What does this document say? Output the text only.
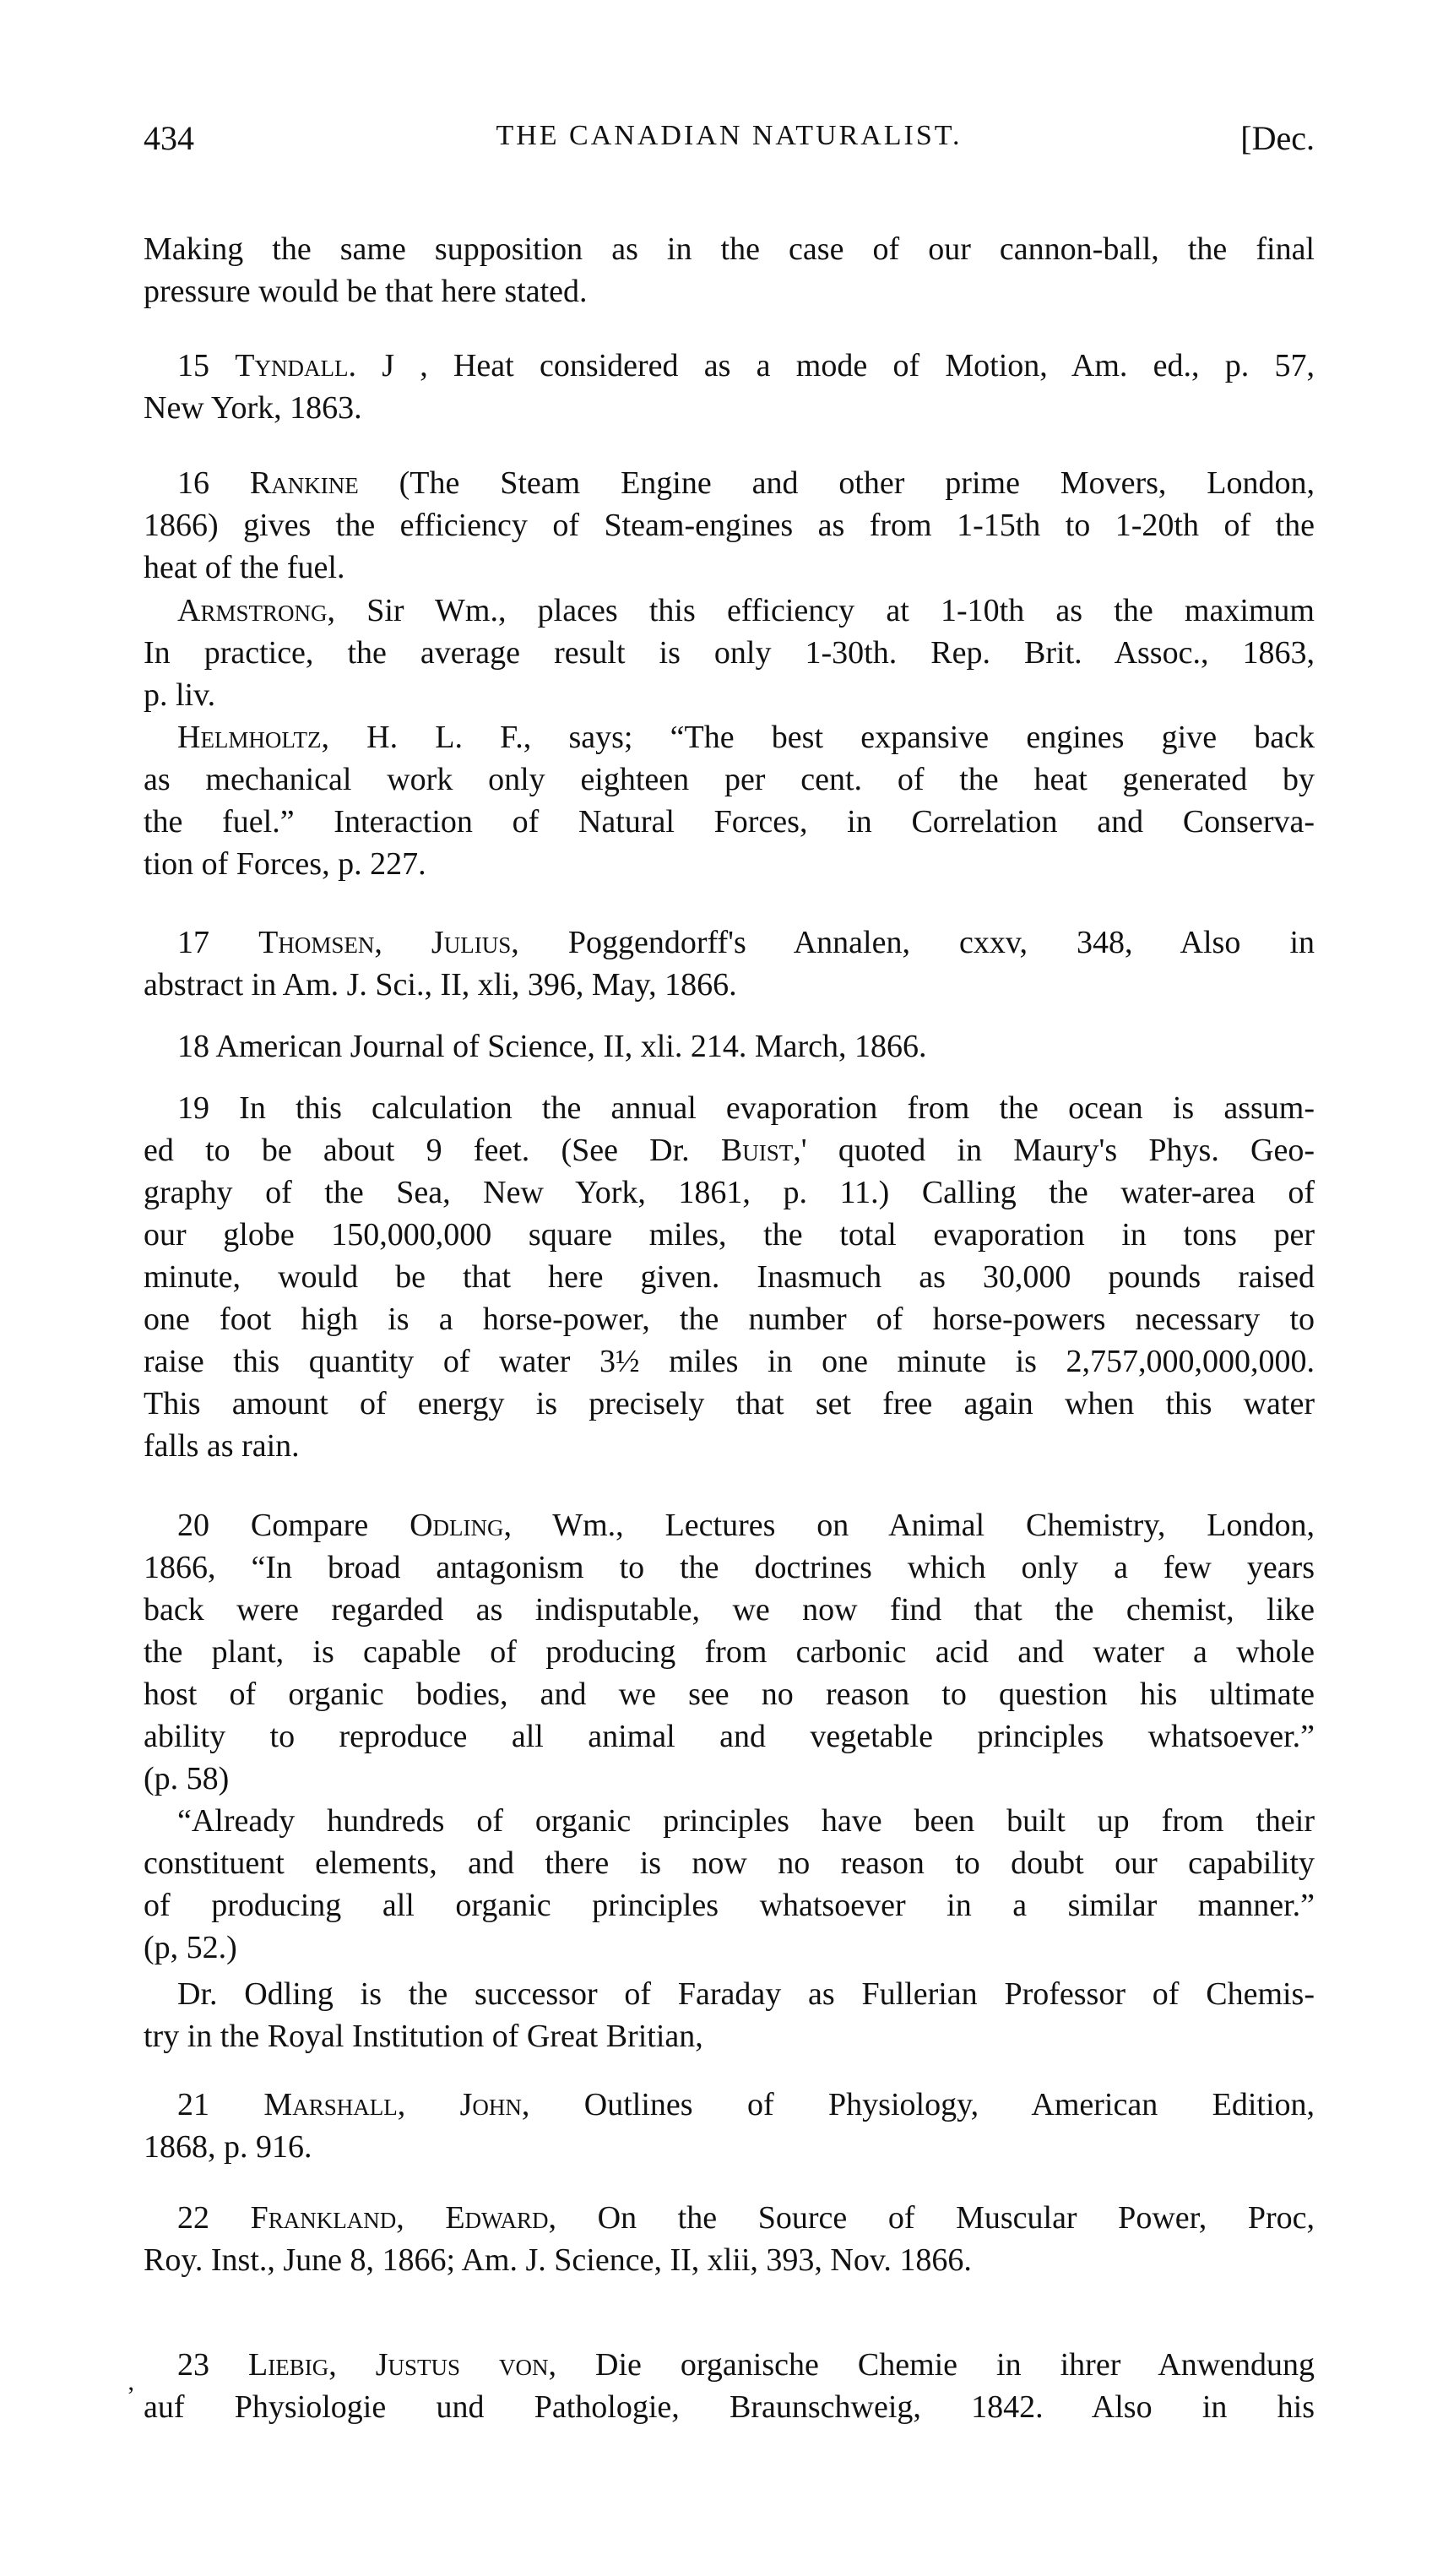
434	THE CANADIAN NATURALIST.	[Dec.
Making the same supposition as in the case of our cannon-ball, the final
pressure would be that here stated.
15 Tyndall. J , Heat considered as a mode of Motion, Am. ed., p. 57,
New York, 1863.
16 Rankine (The Steam Engine and other prime Movers, London,
1866) gives the efficiency of Steam-engines as from 1-15th to 1-20th of the
heat of the fuel.
Armstrong, Sir Wm., places this efficiency at 1-10th as the maximum
In practice, the average result is only 1-30th. Rep. Brit. Assoc., 1863,
p. liv.
Helmholtz, H. L. F., says; “The best expansive engines give back
as mechanical work only eighteen per cent. of the heat generated by
the fuel.” Interaction of Natural Forces, in Correlation and Conserva-
tion of Forces, p. 227.
17 Thomsen, Julius, Poggendorff's Annalen, cxxv, 348, Also in
abstract in Am. J. Sci., II, xli, 396, May, 1866.
18 American Journal of Science, II, xli. 214. March, 1866.
19 In this calculation the annual evaporation from the ocean is assum-
ed to be about 9 feet. (See Dr. Buist,' quoted in Maury's Phys. Geo-
graphy of the Sea, New York, 1861, p. 11.) Calling the water-area of
our globe 150,000,000 square miles, the total evaporation in tons per
minute, would be that here given. Inasmuch as 30,000 pounds raised
one foot high is a horse-power, the number of horse-powers necessary to
raise this quantity of water 3½ miles in one minute is 2,757,000,000,000.
This amount of energy is precisely that set free again when this water
falls as rain.
20 Compare Odling, Wm., Lectures on Animal Chemistry, London,
1866, “In broad antagonism to the doctrines which only a few years
back were regarded as indisputable, we now find that the chemist, like
the plant, is capable of producing from carbonic acid and water a whole
host of organic bodies, and we see no reason to question his ultimate
ability to reproduce all animal and vegetable principles whatsoever.”
(p. 58)
“Already hundreds of organic principles have been built up from their
constituent elements, and there is now no reason to doubt our capability
of producing all organic principles whatsoever in a similar manner.”
(p, 52.)
Dr. Odling is the successor of Faraday as Fullerian Professor of Chemis-
try in the Royal Institution of Great Britian,
21 Marshall, John, Outlines of Physiology, American Edition,
1868, p. 916.
22 Frankland, Edward, On the Source of Muscular Power, Proc,
Roy. Inst., June 8, 1866; Am. J. Science, II, xlii, 393, Nov. 1866.
23 Liebig, Justus von, Die organische Chemie in ihrer Anwendung
auf Physiologie und Pathologie, Braunschweig, 1842. Also in his
’
